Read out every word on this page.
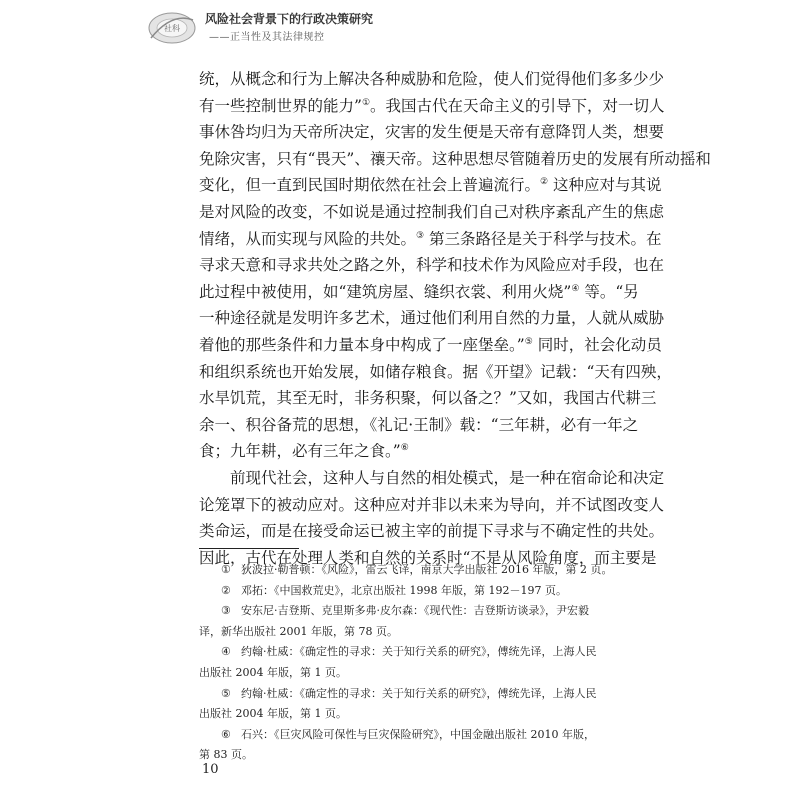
社科
风险社会背景下的行政决策研究
——正当性及其法律规控
统，从概念和行为上解决各种威胁和危险，使人们觉得他们多多少少
有一些控制世界的能力”①。我国古代在天命主义的引导下，对一切人
事休咎均归为天帝所决定，灾害的发生便是天帝有意降罚人类，想要
免除灾害，只有“畏天”、禳天帝。这种思想尽管随着历史的发展有所动摇和
变化，但一直到民国时期依然在社会上普遍流行。② 这种应对与其说
是对风险的改变，不如说是通过控制我们自己对秩序紊乱产生的焦虑
情绪，从而实现与风险的共处。③ 第三条路径是关于科学与技术。在
寻求天意和寻求共处之路之外，科学和技术作为风险应对手段，也在
此过程中被使用，如“建筑房屋、缝织衣裳、利用火烧”④ 等。“另
一种途径就是发明许多艺术，通过他们利用自然的力量，人就从威胁
着他的那些条件和力量本身中构成了一座堡垒。”⑤ 同时，社会化动员
和组织系统也开始发展，如储存粮食。据《开望》记载：“天有四殃，
水旱饥荒，其至无时，非务积聚，何以备之？”又如，我国古代耕三
余一、积谷备荒的思想，《礼记·王制》载：“三年耕，必有一年之
食；九年耕，必有三年之食。”⑥
前现代社会，这种人与自然的相处模式，是一种在宿命论和决定
论笼罩下的被动应对。这种应对并非以未来为导向，并不试图改变人
类命运，而是在接受命运已被主宰的前提下寻求与不确定性的共处。
因此，古代在处理人类和自然的关系时“不是从风险角度，而主要是
① 狄波拉·勒普顿：《风险》，雷云飞译，南京大学出版社 2016 年版，第 2 页。
② 邓拓：《中国救荒史》，北京出版社 1998 年版，第 192－197 页。
③ 安东尼·吉登斯、克里斯多弗·皮尔森：《现代性：吉登斯访谈录》，尹宏毅
译，新华出版社 2001 年版，第 78 页。
④ 约翰·杜威：《确定性的寻求：关于知行关系的研究》，傅统先译，上海人民
出版社 2004 年版，第 1 页。
⑤ 约翰·杜威：《确定性的寻求：关于知行关系的研究》，傅统先译，上海人民
出版社 2004 年版，第 1 页。
⑥ 石兴：《巨灾风险可保性与巨灾保险研究》，中国金融出版社 2010 年版，
第 83 页。
10
